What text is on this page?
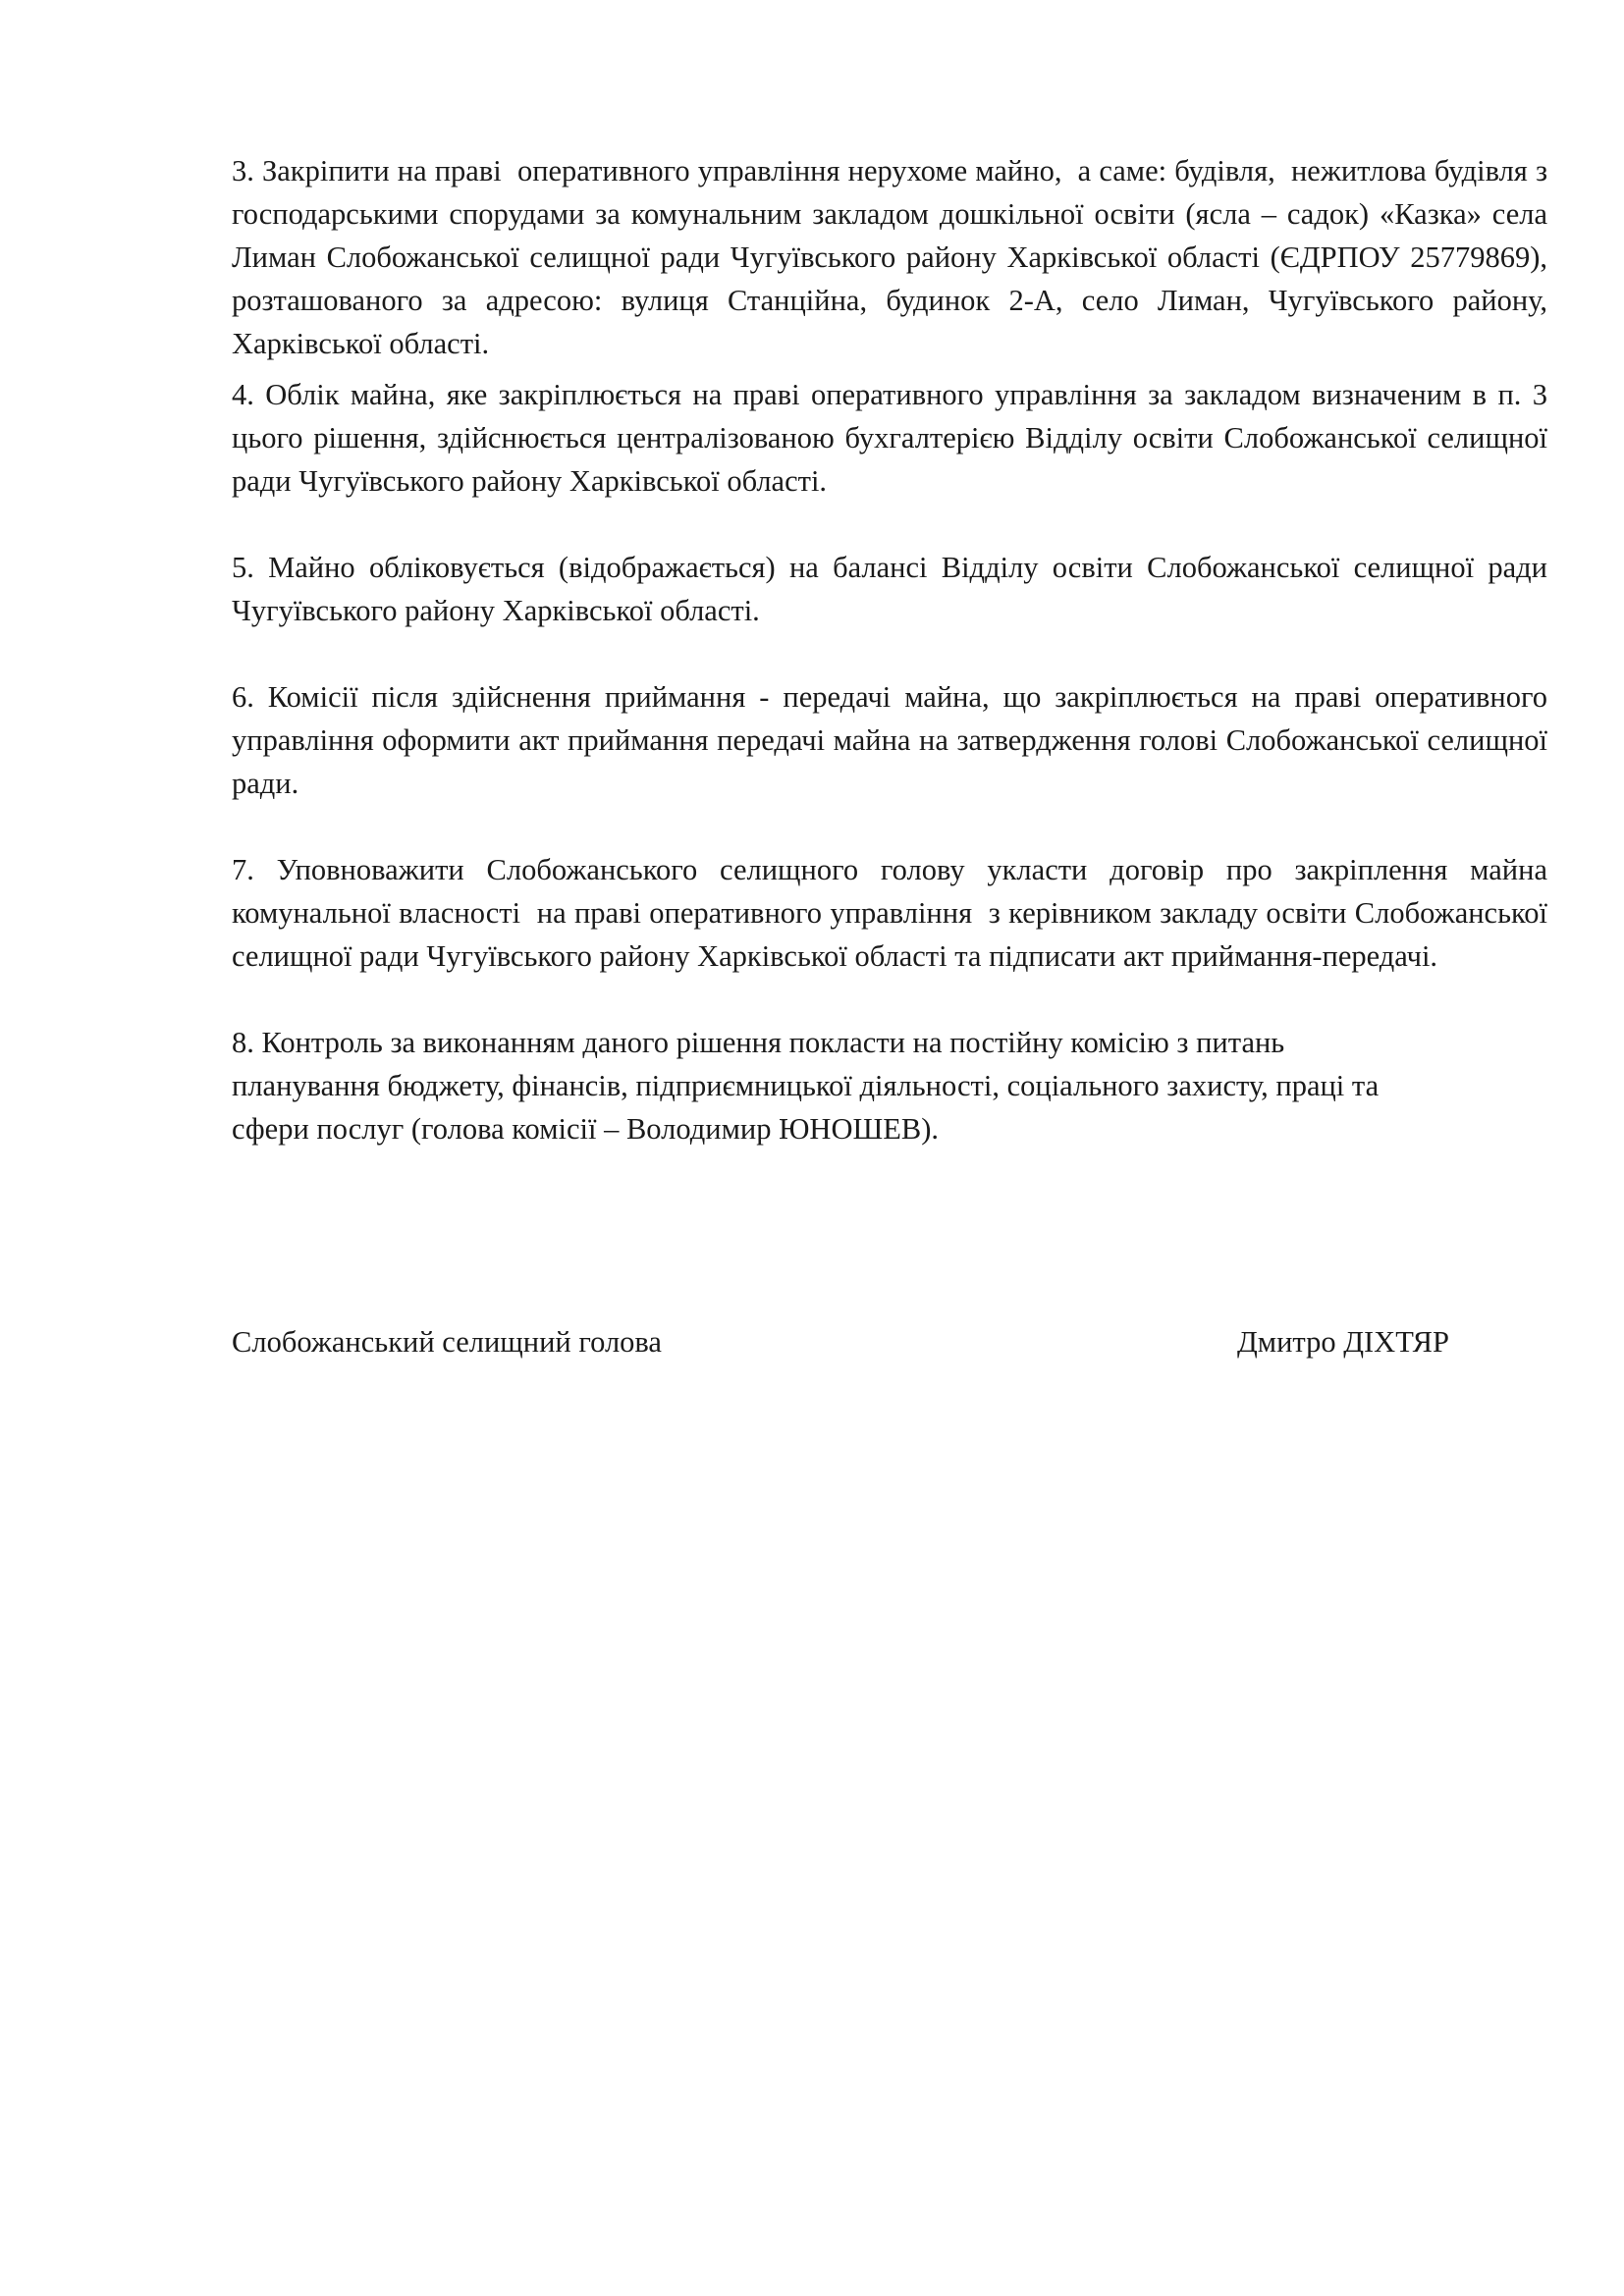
3. Закріпити на праві  оперативного управління нерухоме майно,  а саме: будівля,  нежитлова будівля з господарськими спорудами за комунальним закладом дошкільної освіти (ясла – садок) «Казка» села Лиман Слобожанської селищної ради Чугуївського району Харківської області (ЄДРПОУ 25779869),  розташованого за адресою: вулиця Станційна, будинок 2-А, село Лиман, Чугуївського району, Харківської області.

4. Облік майна, яке закріплюється на праві оперативного управління за закладом визначеним в п. 3 цього рішення, здійснюється централізованою бухгалтерією Відділу освіти Слобожанської селищної ради Чугуївського району Харківської області.

5. Майно обліковується (відображається) на балансі Відділу освіти Слобожанської селищної ради Чугуївського району Харківської області.

6. Комісії після здійснення приймання - передачі майна, що закріплюється на праві оперативного управління оформити акт приймання передачі майна на затвердження голові Слобожанської селищної ради.

7. Уповноважити Слобожанського селищного голову укласти договір про закріплення майна комунальної власності  на праві оперативного управління  з керівником закладу освіти Слобожанської селищної ради Чугуївського району Харківської області та підписати акт приймання-передачі.

8. Контроль за виконанням даного рішення покласти на постійну комісію з питань
планування бюджету, фінансів, підприємницької діяльності, соціального захисту, праці та
сфери послуг (голова комісії – Володимир ЮНОШЕВ).

Слобожанський селищний голова	Дмитро ДІХТЯР
